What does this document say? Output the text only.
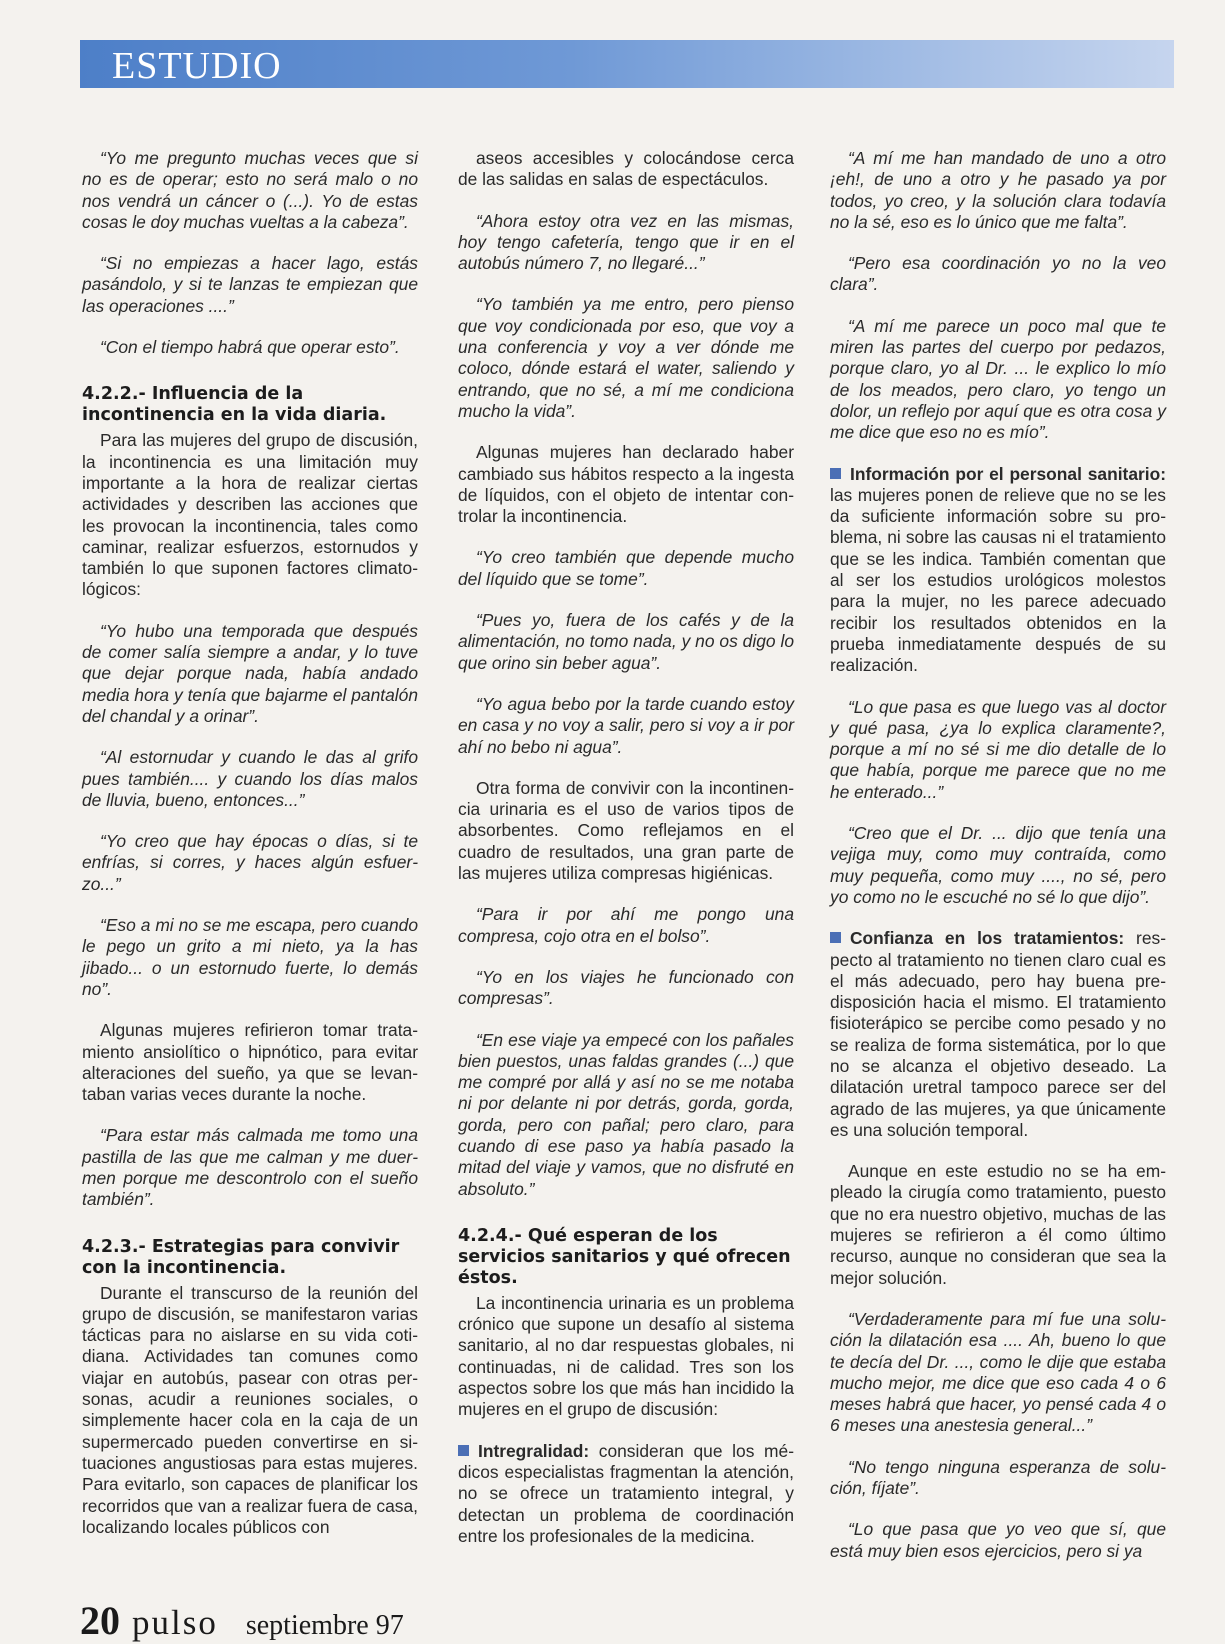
ESTUDIO

“Yo me pregunto muchas veces que si no es de operar; esto no será malo o no nos vendrá un cáncer o (...). Yo de estas cosas le doy muchas vueltas a la cabeza”.

“Si no empiezas a hacer lago, estás pasándolo, y si te lanzas te empiezan que las operaciones ....”

“Con el tiempo habrá que operar esto”.

4.2.2.- Influencia de la incontinencia en la vida diaria.

Para las mujeres del grupo de discusión, la incontinencia es una limitación muy importante a la hora de realizar ciertas actividades y describen las acciones que les provocan la incontinencia, tales como caminar, realizar esfuerzos, estornudos y también lo que suponen factores climatológicos:

“Yo hubo una temporada que después de comer salía siempre a andar, y lo tuve que dejar porque nada, había andado media hora y tenía que bajarme el pantalón del chandal y a orinar”.

“Al estornudar y cuando le das al grifo pues también.... y cuando los días malos de lluvia, bueno, entonces...”

“Yo creo que hay épocas o días, si te enfrías, si corres, y haces algún esfuerzo...”

“Eso a mi no se me escapa, pero cuando le pego un grito a mi nieto, ya la has jibado... o un estornudo fuerte, lo demás no”.

Algunas mujeres refirieron tomar tratamiento ansiolítico o hipnótico, para evitar alteraciones del sueño, ya que se levantaban varias veces durante la noche.

“Para estar más calmada me tomo una pastilla de las que me calman y me duermen porque me descontrolo con el sueño también”.

4.2.3.- Estrategias para convivir con la incontinencia.

Durante el transcurso de la reunión del grupo de discusión, se manifestaron varias tácticas para no aislarse en su vida cotidiana. Actividades tan comunes como viajar en autobús, pasear con otras personas, acudir a reuniones sociales, o simplemente hacer cola en la caja de un supermercado pueden convertirse en situaciones angustiosas para estas mujeres. Para evitarlo, son capaces de planificar los recorridos que van a realizar fuera de casa, localizando locales públicos con

aseos accesibles y colocándose cerca de las salidas en salas de espectáculos.

“Ahora estoy otra vez en las mismas, hoy tengo cafetería, tengo que ir en el autobús número 7, no llegaré...”

“Yo también ya me entro, pero pienso que voy condicionada por eso, que voy a una conferencia y voy a ver dónde me coloco, dónde estará el water, saliendo y entrando, que no sé, a mí me condiciona mucho la vida”.

Algunas mujeres han declarado haber cambiado sus hábitos respecto a la ingesta de líquidos, con el objeto de intentar controlar la incontinencia.

“Yo creo también que depende mucho del líquido que se tome”.

“Pues yo, fuera de los cafés y de la alimentación, no tomo nada, y no os digo lo que orino sin beber agua”.

“Yo agua bebo por la tarde cuando estoy en casa y no voy a salir, pero si voy a ir por ahí no bebo ni agua”.

Otra forma de convivir con la incontinencia urinaria es el uso de varios tipos de absorbentes. Como reflejamos en el cuadro de resultados, una gran parte de las mujeres utiliza compresas higiénicas.

“Para ir por ahí me pongo una compresa, cojo otra en el bolso”.

“Yo en los viajes he funcionado con compresas”.

“En ese viaje ya empecé con los pañales bien puestos, unas faldas grandes (...) que me compré por allá y así no se me notaba ni por delante ni por detrás, gorda, gorda, gorda, pero con pañal; pero claro, para cuando di ese paso ya había pasado la mitad del viaje y vamos, que no disfruté en absoluto.”

4.2.4.- Qué esperan de los servicios sanitarios y qué ofrecen éstos.

La incontinencia urinaria es un problema crónico que supone un desafío al sistema sanitario, al no dar respuestas globales, ni continuadas, ni de calidad. Tres son los aspectos sobre los que más han incidido la mujeres en el grupo de discusión:

Intregralidad: consideran que los médicos especialistas fragmentan la atención, no se ofrece un tratamiento integral, y detectan un problema de coordinación entre los profesionales de la medicina.

“A mí me han mandado de uno a otro ¡eh!, de uno a otro y he pasado ya por todos, yo creo, y la solución clara todavía no la sé, eso es lo único que me falta”.

“Pero esa coordinación yo no la veo clara”.

“A mí me parece un poco mal que te miren las partes del cuerpo por pedazos, porque claro, yo al Dr. ... le explico lo mío de los meados, pero claro, yo tengo un dolor, un reflejo por aquí que es otra cosa y me dice que eso no es mío”.

Información por el personal sanitario: las mujeres ponen de relieve que no se les da suficiente información sobre su problema, ni sobre las causas ni el tratamiento que se les indica. También comentan que al ser los estudios urológicos molestos para la mujer, no les parece adecuado recibir los resultados obtenidos en la prueba inmediatamente después de su realización.

“Lo que pasa es que luego vas al doctor y qué pasa, ¿ya lo explica claramente?, porque a mí no sé si me dio detalle de lo que había, porque me parece que no me he enterado...”

“Creo que el Dr. ... dijo que tenía una vejiga muy, como muy contraída, como muy pequeña, como muy ...., no sé, pero yo como no le escuché no sé lo que dijo”.

Confianza en los tratamientos: respecto al tratamiento no tienen claro cual es el más adecuado, pero hay buena predisposición hacia el mismo. El tratamiento fisioterápico se percibe como pesado y no se realiza de forma sistemática, por lo que no se alcanza el objetivo deseado. La dilatación uretral tampoco parece ser del agrado de las mujeres, ya que únicamente es una solución temporal.

Aunque en este estudio no se ha empleado la cirugía como tratamiento, puesto que no era nuestro objetivo, muchas de las mujeres se refirieron a él como último recurso, aunque no consideran que sea la mejor solución.

“Verdaderamente para mí fue una solución la dilatación esa .... Ah, bueno lo que te decía del Dr. ..., como le dije que estaba mucho mejor, me dice que eso cada 4 o 6 meses habrá que hacer, yo pensé cada 4 o 6 meses una anestesia general...”

“No tengo ninguna esperanza de solución, fíjate”.

“Lo que pasa que yo veo que sí, que está muy bien esos ejercicios, pero si ya

20 pulso septiembre 97
